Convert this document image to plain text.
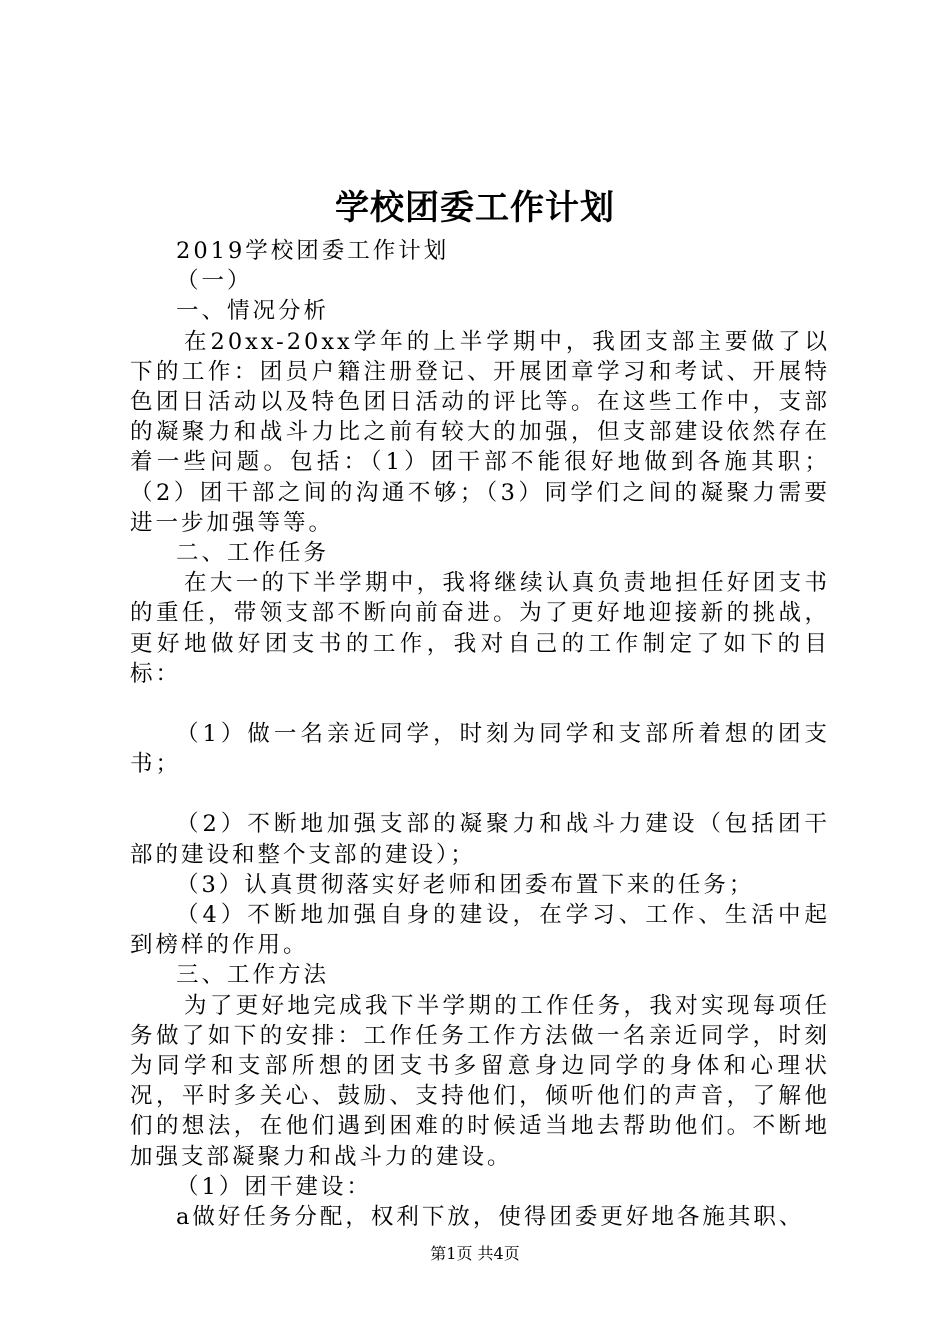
学校团委工作计划

2019学校团委工作计划

（一）

一、情况分析

在20xx-20xx学年的上半学期中，我团支部主要做了以下的工作：团员户籍注册登记、开展团章学习和考试、开展特色团日活动以及特色团日活动的评比等。在这些工作中，支部的凝聚力和战斗力比之前有较大的加强，但支部建设依然存在着一些问题。包括：（1）团干部不能很好地做到各施其职；（2）团干部之间的沟通不够；（3）同学们之间的凝聚力需要进一步加强等等。

二、工作任务

在大一的下半学期中，我将继续认真负责地担任好团支书的重任，带领支部不断向前奋进。为了更好地迎接新的挑战，更好地做好团支书的工作，我对自己的工作制定了如下的目标：

（1）做一名亲近同学，时刻为同学和支部所着想的团支书；

（2）不断地加强支部的凝聚力和战斗力建设（包括团干部的建设和整个支部的建设）；

（3）认真贯彻落实好老师和团委布置下来的任务；

（4）不断地加强自身的建设，在学习、工作、生活中起到榜样的作用。

三、工作方法

为了更好地完成我下半学期的工作任务，我对实现每项任务做了如下的安排：工作任务工作方法做一名亲近同学，时刻为同学和支部所想的团支书多留意身边同学的身体和心理状况，平时多关心、鼓励、支持他们，倾听他们的声音，了解他们的想法，在他们遇到困难的时候适当地去帮助他们。不断地加强支部凝聚力和战斗力的建设。

（1）团干建设：

a做好任务分配，权利下放，使得团委更好地各施其职、

第1页 共4页
